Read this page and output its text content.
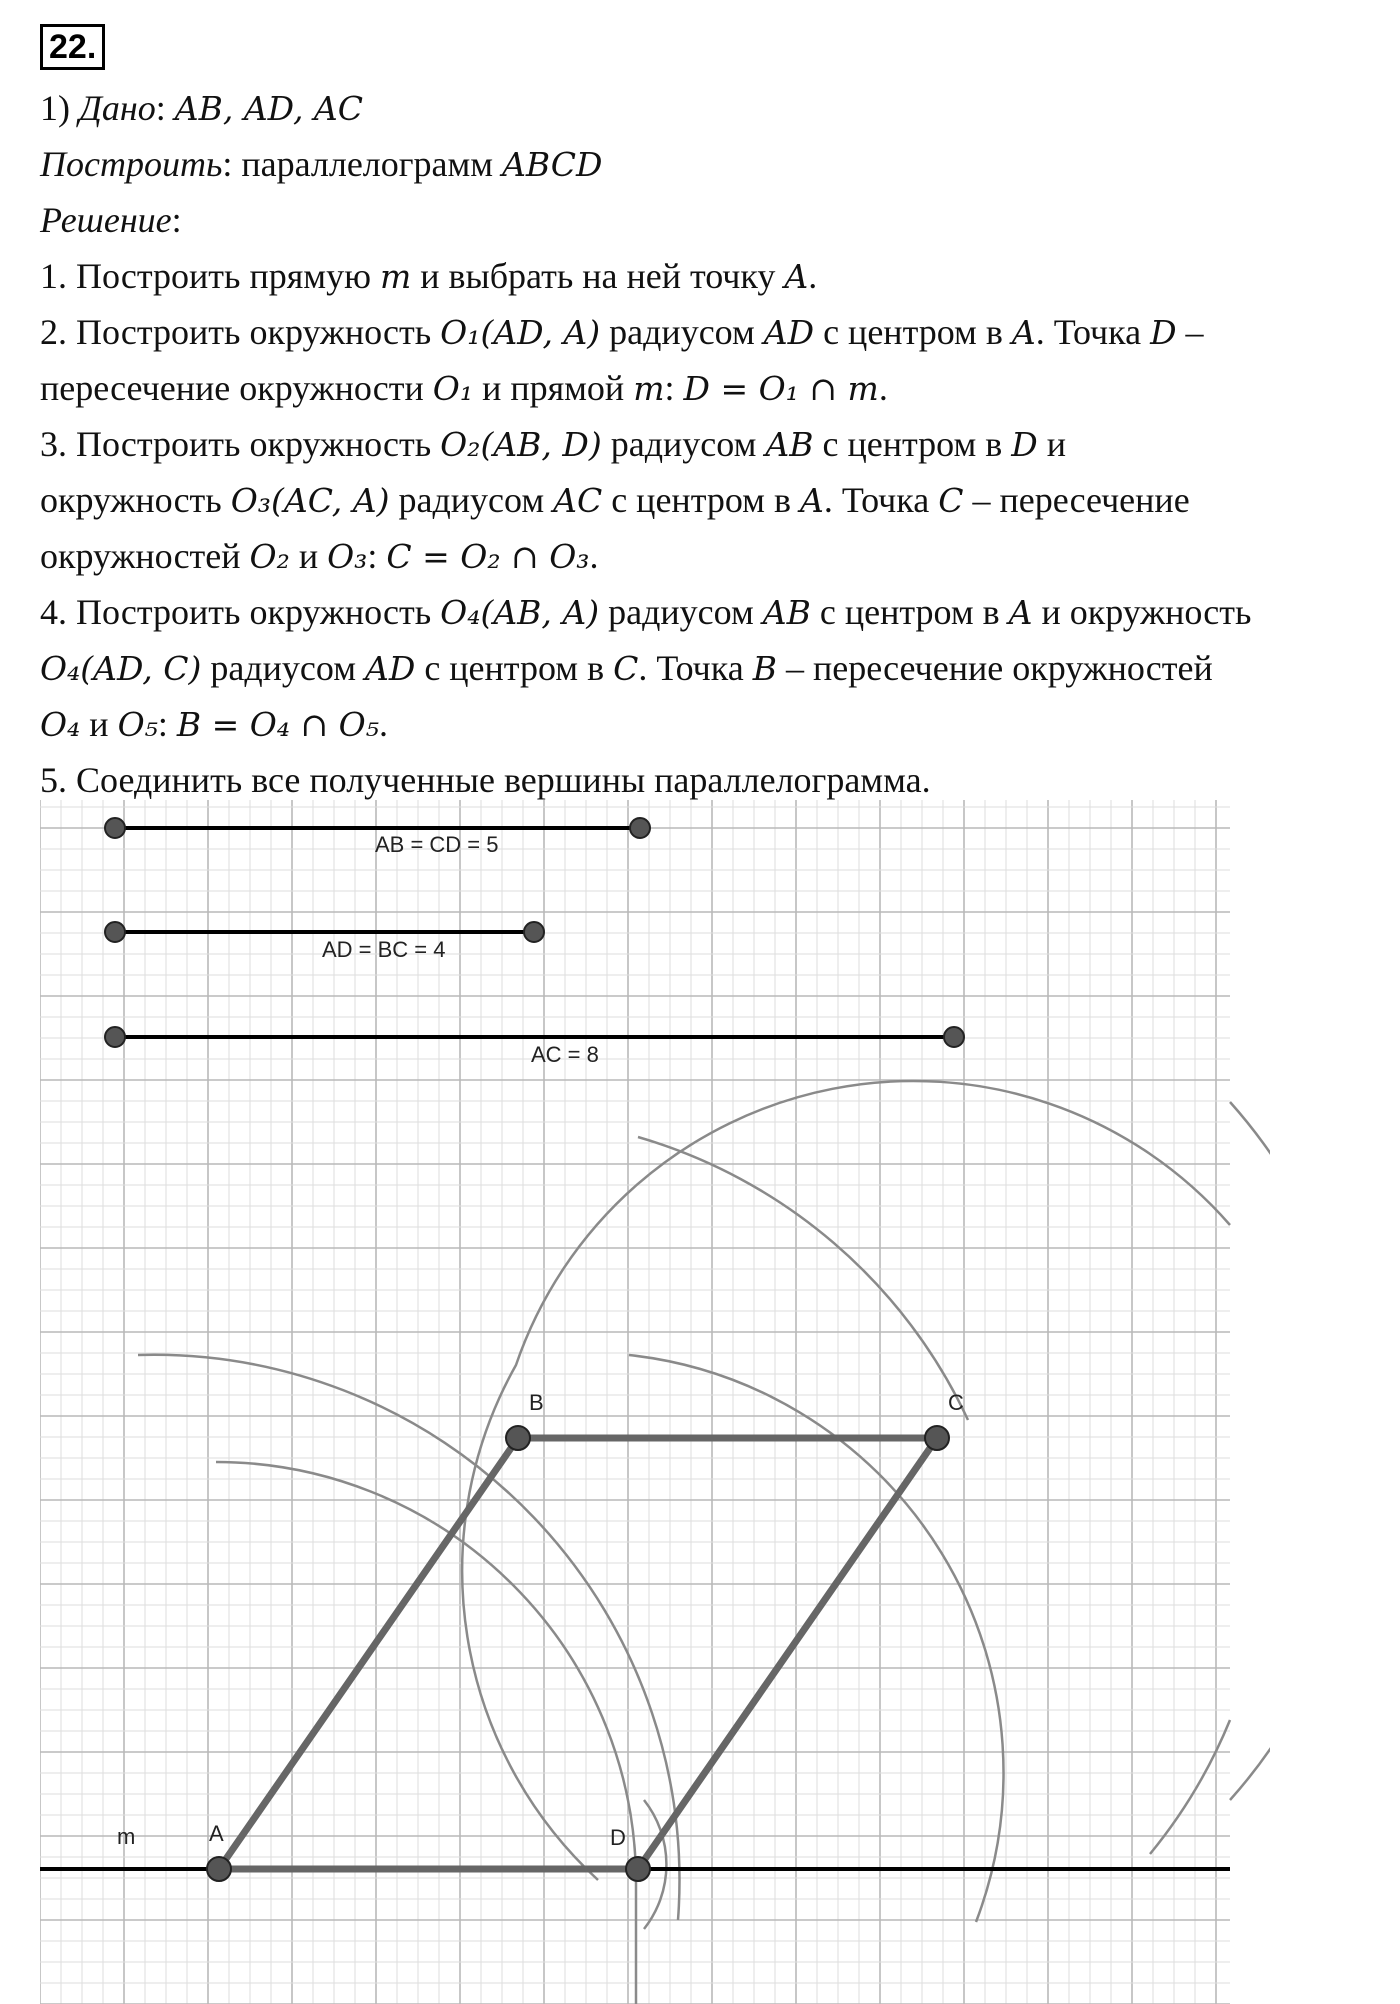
22.
1) Дано: AB, AD, AC
Построить: параллелограмм ABCD
Решение:
1. Построить прямую m и выбрать на ней точку A.
2. Построить окружность O₁(AD, A) радиусом AD с центром в A. Точка D –
пересечение окружности O₁ и прямой m: D = O₁ ∩ m.
3. Построить окружность O₂(AB, D) радиусом AB с центром в D и
окружность O₃(AC, A) радиусом AC с центром в A. Точка C – пересечение
окружностей O₂ и O₃: C = O₂ ∩ O₃.
4. Построить окружность O₄(AB, A) радиусом AB с центром в A и окружность
O₄(AD, C) радиусом AD с центром в C. Точка B – пересечение окружностей
O₄ и O₅: B = O₄ ∩ O₅.
5. Соединить все полученные вершины параллелограмма.
AB = CD = 5
AD = BC = 4
AC = 8
m	A
B	C
D
